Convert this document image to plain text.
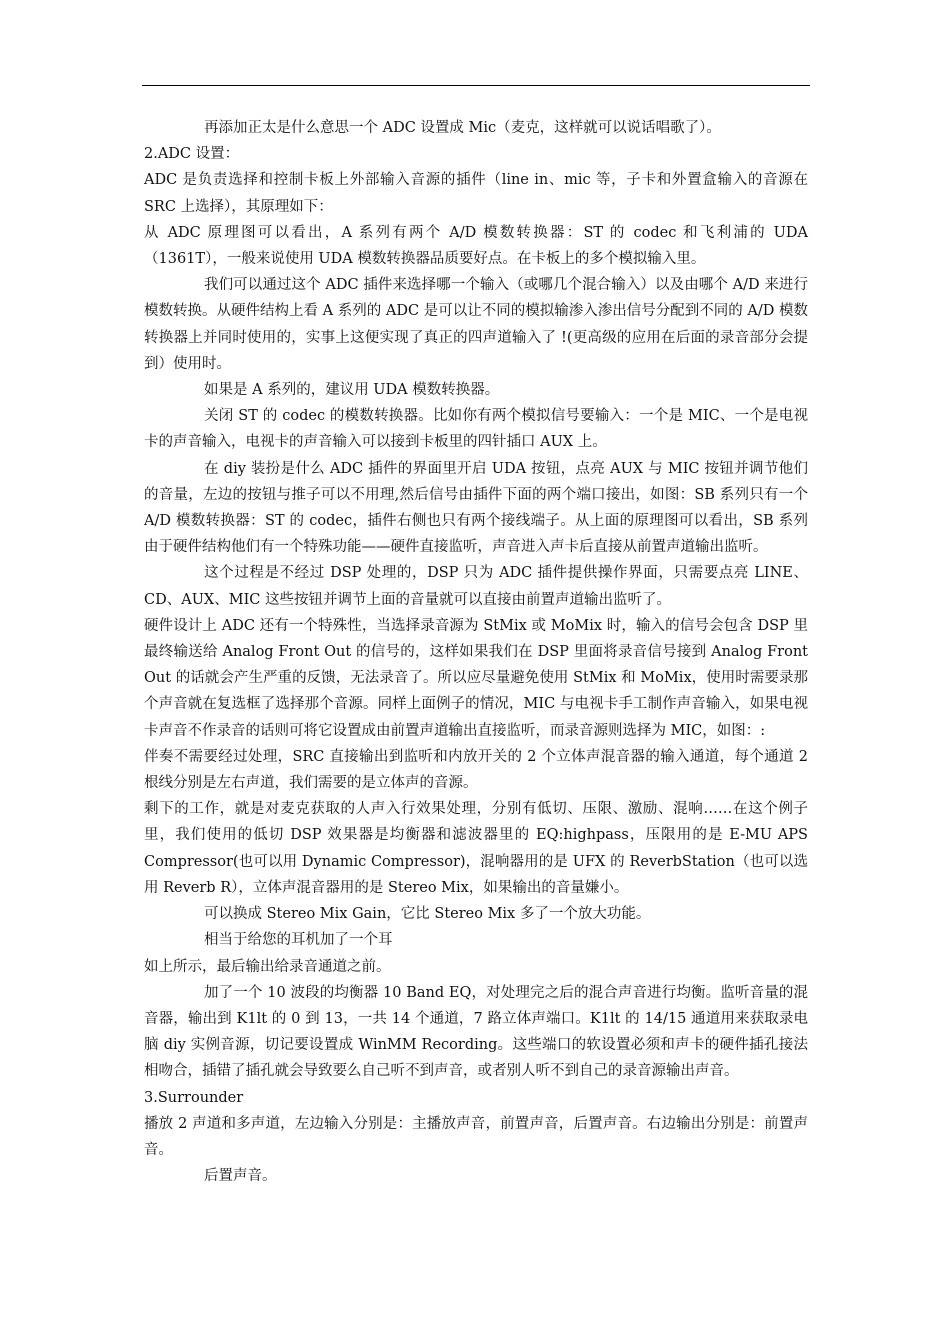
再添加正太是什么意思一个 ADC 设置成 Mic（麦克，这样就可以说话唱歌了）。

2.ADC 设置：

ADC 是负责选择和控制卡板上外部输入音源的插件（line in、mic 等，子卡和外置盒输入的音源在 SRC 上选择），其原理如下：

从 ADC 原理图可以看出，A 系列有两个 A/D 模数转换器：ST 的 codec 和飞利浦的 UDA（1361T），一般来说使用 UDA 模数转换器品质要好点。在卡板上的多个模拟输入里。

我们可以通过这个 ADC 插件来选择哪一个输入（或哪几个混合输入）以及由哪个 A/D 来进行模数转换。从硬件结构上看 A 系列的 ADC 是可以让不同的模拟输渗入渗出信号分配到不同的 A/D 模数转换器上并同时使用的，实事上这便实现了真正的四声道输入了 !(更高级的应用在后面的录音部分会提到）使用时。

如果是 A 系列的，建议用 UDA 模数转换器。

关闭 ST 的 codec 的模数转换器。比如你有两个模拟信号要输入：一个是 MIC、一个是电视卡的声音输入，电视卡的声音输入可以接到卡板里的四针插口 AUX 上。

在 diy 装扮是什么 ADC 插件的界面里开启 UDA 按钮，点亮 AUX 与 MIC 按钮并调节他们的音量，左边的按钮与推子可以不用理,然后信号由插件下面的两个端口接出，如图：SB 系列只有一个 A/D 模数转换器：ST 的 codec，插件右侧也只有两个接线端子。从上面的原理图可以看出，SB 系列由于硬件结构他们有一个特殊功能——硬件直接监听，声音进入声卡后直接从前置声道输出监听。

这个过程是不经过 DSP 处理的，DSP 只为 ADC 插件提供操作界面，只需要点亮 LINE、CD、AUX、MIC 这些按钮并调节上面的音量就可以直接由前置声道输出监听了。

硬件设计上 ADC 还有一个特殊性，当选择录音源为 StMix 或 MoMix 时，输入的信号会包含 DSP 里最终输送给 Analog Front Out 的信号的，这样如果我们在 DSP 里面将录音信号接到 Analog Front Out 的话就会产生严重的反馈，无法录音了。所以应尽量避免使用 StMix 和 MoMix，使用时需要录那个声音就在复选框了选择那个音源。同样上面例子的情况，MIC 与电视卡手工制作声音输入，如果电视卡声音不作录音的话则可将它设置成由前置声道输出直接监听，而录音源则选择为 MIC，如图：:

伴奏不需要经过处理，SRC 直接输出到监听和内放开关的 2 个立体声混音器的输入通道，每个通道 2 根线分别是左右声道，我们需要的是立体声的音源。

剩下的工作，就是对麦克获取的人声入行效果处理，分别有低切、压限、激励、混响……在这个例子里，我们使用的低切 DSP 效果器是均衡器和滤波器里的 EQ:highpass，压限用的是 E-MU APS Compressor(也可以用 Dynamic Compressor)，混响器用的是 UFX 的 ReverbStation（也可以选用 Reverb R），立体声混音器用的是 Stereo Mix，如果输出的音量嫌小。

可以换成 Stereo Mix Gain，它比 Stereo Mix 多了一个放大功能。

相当于给您的耳机加了一个耳

如上所示，最后输出给录音通道之前。

加了一个 10 波段的均衡器 10 Band EQ，对处理完之后的混合声音进行均衡。监听音量的混音器，输出到 K1lt 的 0 到 13，一共 14 个通道，7 路立体声端口。K1lt 的 14/15 通道用来获取录电脑 diy 实例音源，切记要设置成 WinMM Recording。这些端口的软设置必须和声卡的硬件插孔接法相吻合，插错了插孔就会导致要么自己听不到声音，或者别人听不到自己的录音源输出声音。

3.Surrounder

播放 2 声道和多声道，左边输入分别是：主播放声音，前置声音，后置声音。右边输出分别是：前置声音。

后置声音。
